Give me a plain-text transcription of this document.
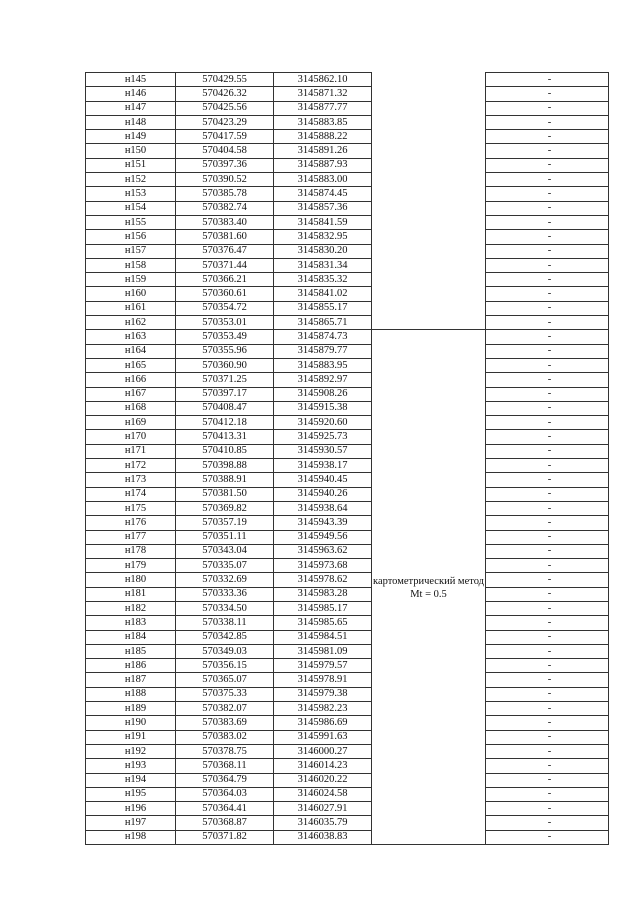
	н145	570429.55	3145862.10			-
	н146	570426.32	3145871.32			-
	н147	570425.56	3145877.77			-
	н148	570423.29	3145883.85			-
	н149	570417.59	3145888.22			-
	н150	570404.58	3145891.26			-
	н151	570397.36	3145887.93			-
	н152	570390.52	3145883.00			-
	н153	570385.78	3145874.45			-
	н154	570382.74	3145857.36			-
	н155	570383.40	3145841.59			-
	н156	570381.60	3145832.95			-
	н157	570376.47	3145830.20			-
	н158	570371.44	3145831.34			-
	н159	570366.21	3145835.32			-
	н160	570360.61	3145841.02			-
	н161	570354.72	3145855.17			-
	н162	570353.01	3145865.71			-
	н163	570353.49	3145874.73	картометрический метод Mt = 0.5		-
	н164	570355.96	3145879.77			-
	н165	570360.90	3145883.95			-
	н166	570371.25	3145892.97			-
	н167	570397.17	3145908.26			-
	н168	570408.47	3145915.38			-
	н169	570412.18	3145920.60			-
	н170	570413.31	3145925.73			-
	н171	570410.85	3145930.57			-
	н172	570398.88	3145938.17			-
	н173	570388.91	3145940.45			-
	н174	570381.50	3145940.26			-
	н175	570369.82	3145938.64			-
	н176	570357.19	3145943.39			-
	н177	570351.11	3145949.56			-
	н178	570343.04	3145963.62			-
	н179	570335.07	3145973.68			-
	н180	570332.69	3145978.62			-
	н181	570333.36	3145983.28			-
	н182	570334.50	3145985.17			-
	н183	570338.11	3145985.65			-
	н184	570342.85	3145984.51			-
	н185	570349.03	3145981.09			-
	н186	570356.15	3145979.57			-
	н187	570365.07	3145978.91			-
	н188	570375.33	3145979.38			-
	н189	570382.07	3145982.23			-
	н190	570383.69	3145986.69			-
	н191	570383.02	3145991.63			-
	н192	570378.75	3146000.27			-
	н193	570368.11	3146014.23			-
	н194	570364.79	3146020.22			-
	н195	570364.03	3146024.58			-
	н196	570364.41	3146027.91			-
	н197	570368.87	3146035.79			-
	н198	570371.82	3146038.83			-
